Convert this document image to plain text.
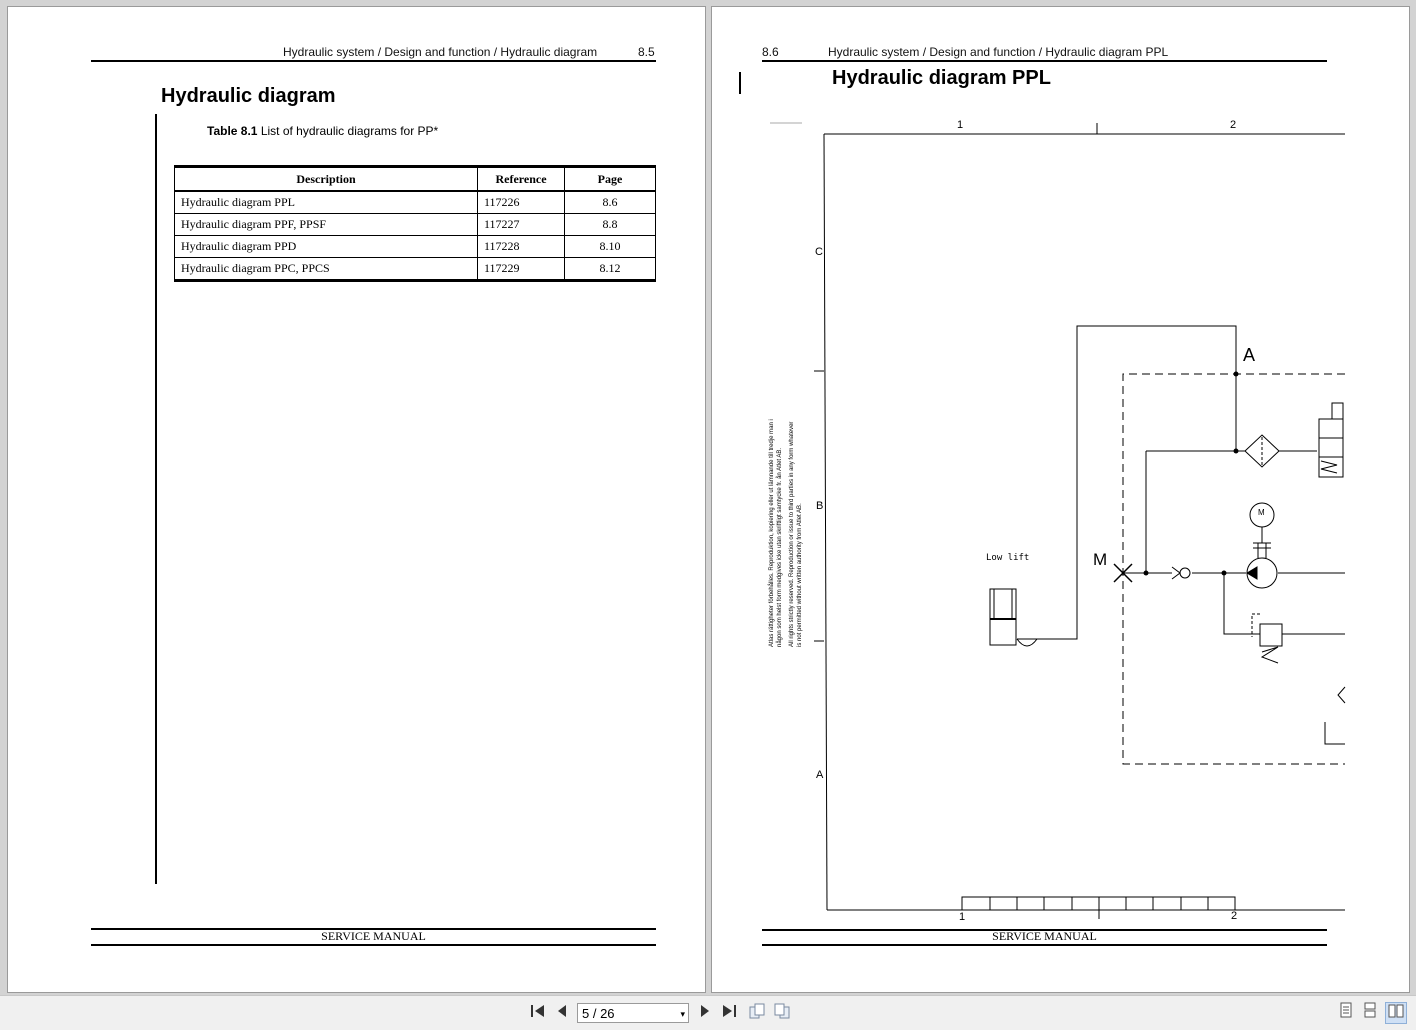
Hydraulic system / Design and function / Hydraulic diagram	8.5
Hydraulic diagram
Table 8.1 List of hydraulic diagrams for PP*
Description	Reference	Page
Hydraulic diagram PPL	117226	8.6
Hydraulic diagram PPF, PPSF	117227	8.8
Hydraulic diagram PPD	117228	8.10
Hydraulic diagram PPC, PPCS	117229	8.12
SERVICE MANUAL
8.6	Hydraulic system / Design and function / Hydraulic diagram PPL
Hydraulic diagram PPL
Atlas rättigheter förbehålles. Reproduktion, kopiering eller ut lämnande till tredje man i någon som helst form medgives icke utan skriftligt samtycke fr. ån Atlet AB. All rights strictly reserved. Reproduction or issue to third parties in any form whatever is not permitted without written authority from Atlet AB.
1	2
1	2
C
B
A
A
M
Low lift
M
SERVICE MANUAL
5 / 26	▾
